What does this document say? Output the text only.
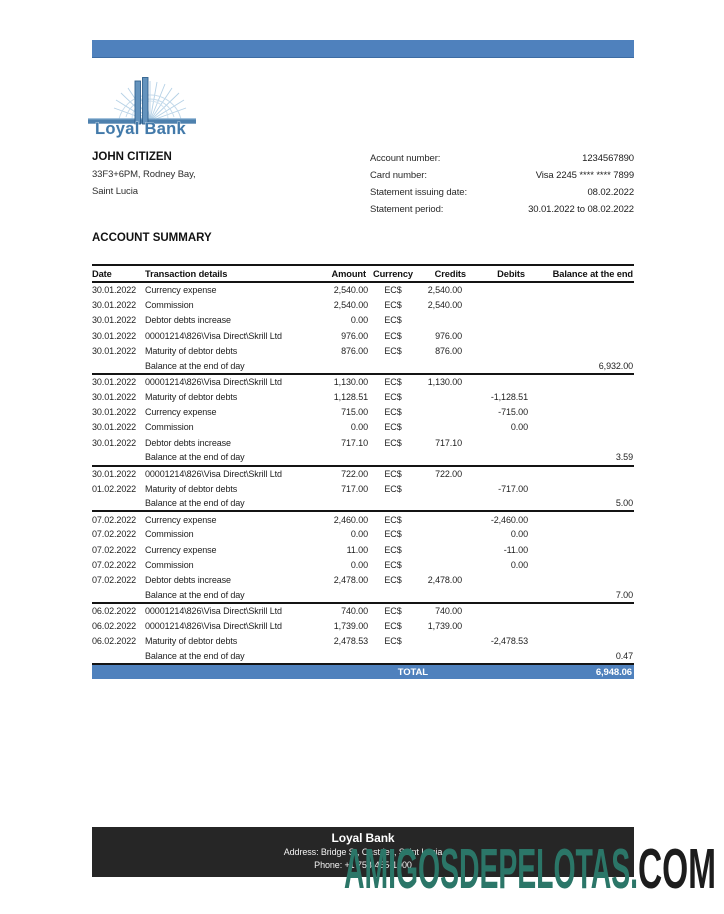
Loyal Bank
JOHN CITIZEN
33F3+6PM, Rodney Bay,
Saint Lucia
Account number:	1234567890
Card number:	Visa 2245 **** **** 7899
Statement issuing date:	08.02.2022
Statement period:	30.01.2022 to 08.02.2022
ACCOUNT SUMMARY
Date	Transaction details	Amount	Currency	Credits	Debits	Balance at the end
30.01.2022	Currency expense	2,540.00	EC$	2,540.00		
30.01.2022	Commission	2,540.00	EC$	2,540.00		
30.01.2022	Debtor debts increase	0.00	EC$			
30.01.2022	00001214\826\Visa Direct\Skrill Ltd	976.00	EC$	976.00		
30.01.2022	Maturity of debtor debts	876.00	EC$	876.00		
	Balance at the end of day					6,932.00
30.01.2022	00001214\826\Visa Direct\Skrill Ltd	1,130.00	EC$	1,130.00		
30.01.2022	Maturity of debtor debts	1,128.51	EC$		-1,128.51	
30.01.2022	Currency expense	715.00	EC$		-715.00	
30.01.2022	Commission	0.00	EC$		0.00	
30.01.2022	Debtor debts increase	717.10	EC$	717.10		
	Balance at the end of day					3.59
30.01.2022	00001214\826\Visa Direct\Skrill Ltd	722.00	EC$	722.00		
01.02.2022	Maturity of debtor debts	717.00	EC$		-717.00	
	Balance at the end of day					5.00
07.02.2022	Currency expense	2,460.00	EC$		-2,460.00	
07.02.2022	Commission	0.00	EC$		0.00	
07.02.2022	Currency expense	11.00	EC$		-11.00	
07.02.2022	Commission	0.00	EC$		0.00	
07.02.2022	Debtor debts increase	2,478.00	EC$	2,478.00		
	Balance at the end of day					7.00
06.02.2022	00001214\826\Visa Direct\Skrill Ltd	740.00	EC$	740.00		
06.02.2022	00001214\826\Visa Direct\Skrill Ltd	1,739.00	EC$	1,739.00		
06.02.2022	Maturity of debtor debts	2,478.53	EC$		-2,478.53	
	Balance at the end of day					0.47
TOTAL						6,948.06
Loyal Bank
Address: Bridge St, Castries, Saint Lucia
Phone: +1 758-455-1000
AMIGOSDEPELOTAS. COM
